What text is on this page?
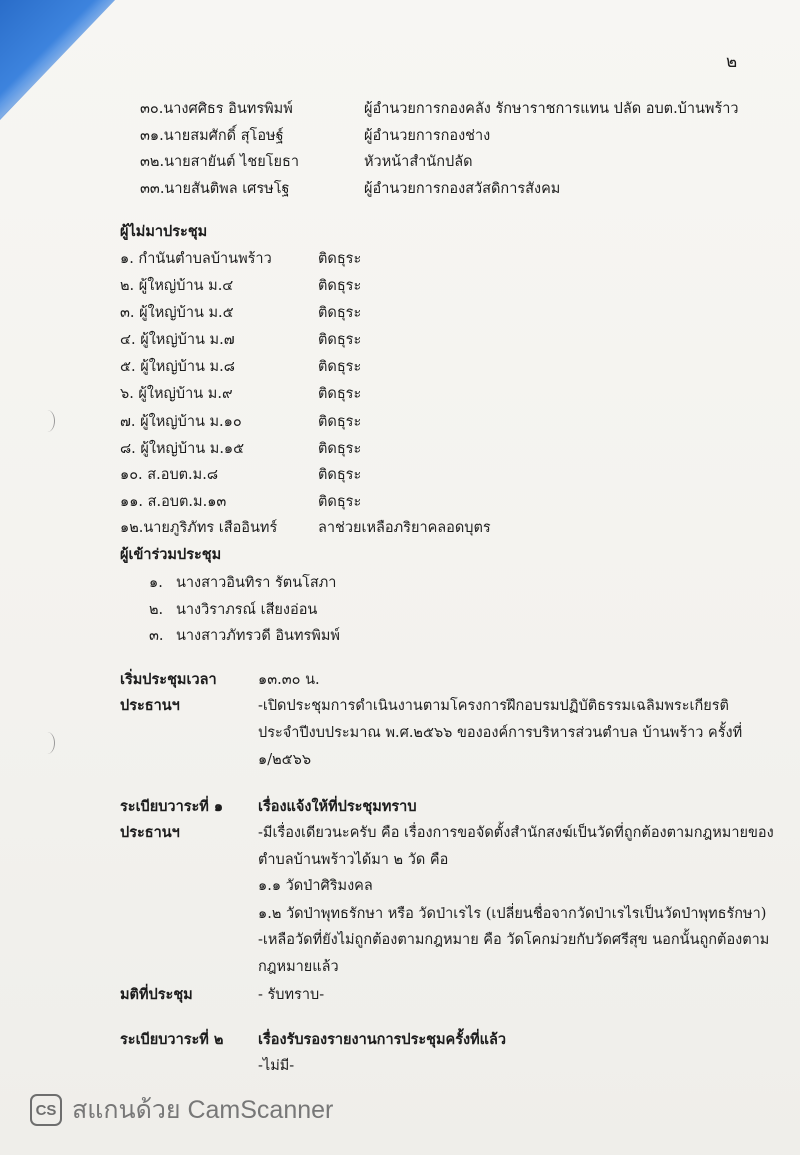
๒
๓๐.นางศศิธร อินทรพิมพ์	ผู้อำนวยการกองคลัง รักษาราชการแทน ปลัด อบต.บ้านพร้าว
๓๑.นายสมศักดิ์ สุโอษฐ์	ผู้อำนวยการกองช่าง
๓๒.นายสายันต์ ไชยโยธา	หัวหน้าสำนักปลัด
๓๓.นายสันติพล เศรษโฐ	ผู้อำนวยการกองสวัสดิการสังคม
ผู้ไม่มาประชุม
๑. กำนันตำบลบ้านพร้าว	ติดธุระ
๒. ผู้ใหญ่บ้าน ม.๔	ติดธุระ
๓. ผู้ใหญ่บ้าน ม.๕	ติดธุระ
๔. ผู้ใหญ่บ้าน ม.๗	ติดธุระ
๕. ผู้ใหญ่บ้าน ม.๘	ติดธุระ
๖. ผู้ใหญ่บ้าน ม.๙	ติดธุระ
๗. ผู้ใหญ่บ้าน ม.๑๐	ติดธุระ
๘. ผู้ใหญ่บ้าน ม.๑๕	ติดธุระ
๑๐. ส.อบต.ม.๘	ติดธุระ
๑๑. ส.อบต.ม.๑๓	ติดธุระ
๑๒.นายภูริภัทร เสืออินทร์	ลาช่วยเหลือภริยาคลอดบุตร
ผู้เข้าร่วมประชุม
๑. นางสาวอินทิรา รัตนโสภา
๒. นางวิราภรณ์ เสียงอ่อน
๓. นางสาวภัทรวดี อินทรพิมพ์
เริ่มประชุมเวลา	๑๓.๓๐ น.
ประธานฯ	-เปิดประชุมการดำเนินงานตามโครงการฝึกอบรมปฏิบัติธรรมเฉลิมพระเกียรติ
ประจำปีงบประมาณ พ.ศ.๒๕๖๖ ขององค์การบริหารส่วนตำบล บ้านพร้าว ครั้งที่
๑/๒๕๖๖
ระเบียบวาระที่ ๑ เรื่องแจ้งให้ที่ประชุมทราบ
ประธานฯ	-มีเรื่องเดียวนะครับ คือ เรื่องการขอจัดตั้งสำนักสงฆ์เป็นวัดที่ถูกต้องตามกฎหมายของ
ตำบลบ้านพร้าวได้มา ๒ วัด คือ
๑.๑ วัดป่าศิริมงคล
๑.๒ วัดป่าพุทธรักษา หรือ วัดป่าเรไร (เปลี่ยนชื่อจากวัดป่าเรไรเป็นวัดป่าพุทธรักษา)
-เหลือวัดที่ยังไม่ถูกต้องตามกฎหมาย คือ วัดโคกม่วยกับวัดศรีสุข นอกนั้นถูกต้องตาม
กฎหมายแล้ว
มติที่ประชุม	- รับทราบ-
ระเบียบวาระที่ ๒ เรื่องรับรองรายงานการประชุมครั้งที่แล้ว
-ไม่มี-
CS สแกนด้วย CamScanner
